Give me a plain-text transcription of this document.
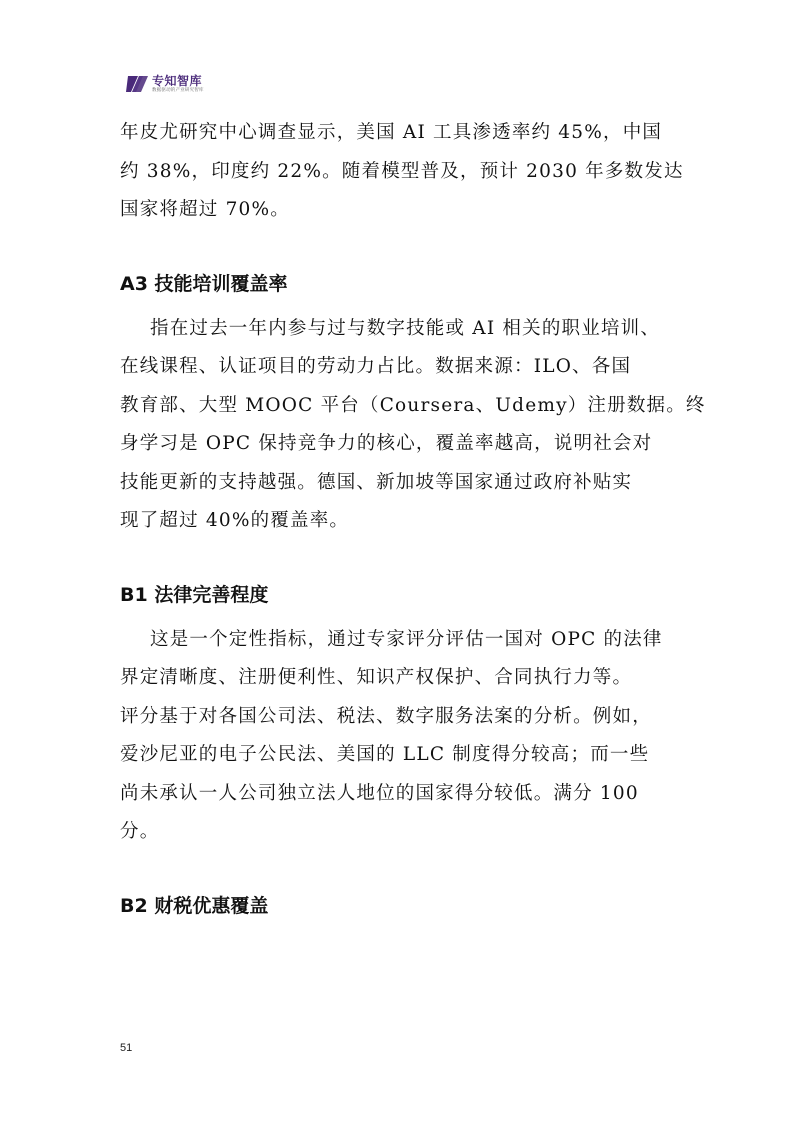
专知智库
数据驱动的产业研究智库

年皮尤研究中心调查显示，美国 AI 工具渗透率约 45%，中国
约 38%，印度约 22%。随着模型普及，预计 2030 年多数发达
国家将超过 70%。

A3 技能培训覆盖率

指在过去一年内参与过与数字技能或 AI 相关的职业培训、
在线课程、认证项目的劳动力占比。数据来源：ILO、各国
教育部、大型 MOOC 平台（Coursera、Udemy）注册数据。终
身学习是 OPC 保持竞争力的核心，覆盖率越高，说明社会对
技能更新的支持越强。德国、新加坡等国家通过政府补贴实
现了超过 40%的覆盖率。

B1 法律完善程度

这是一个定性指标，通过专家评分评估一国对 OPC 的法律
界定清晰度、注册便利性、知识产权保护、合同执行力等。
评分基于对各国公司法、税法、数字服务法案的分析。例如，
爱沙尼亚的电子公民法、美国的 LLC 制度得分较高；而一些
尚未承认一人公司独立法人地位的国家得分较低。满分 100
分。

B2 财税优惠覆盖
51
